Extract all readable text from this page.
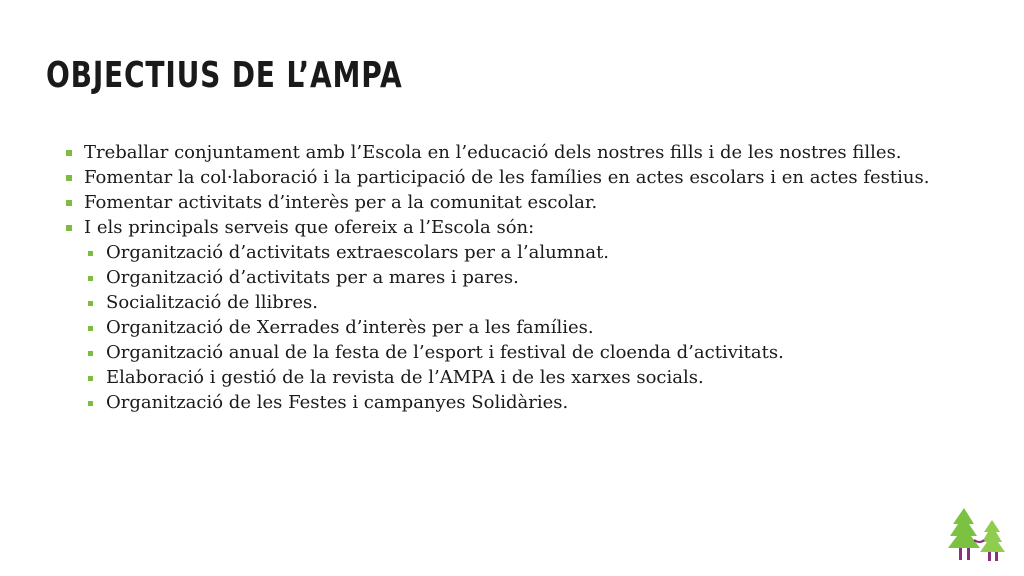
OBJECTIUS DE L’AMPA
Treballar conjuntament amb l’Escola en l’educació dels nostres fills i de les nostres filles.
Fomentar la col·laboració i la participació de les famílies en actes escolars i en actes festius.
Fomentar activitats d’interès per a la comunitat escolar.
I els principals serveis que ofereix a l’Escola són:
Organització d’activitats extraescolars per a l’alumnat.
Organització d’activitats per a mares i pares.
Socialització de llibres.
Organització de Xerrades d’interès per a les famílies.
Organització anual de la festa de l’esport i festival de cloenda d’activitats.
Elaboració i gestió de la revista de l’AMPA i de les xarxes socials.
Organització de les Festes i campanyes Solidàries.
